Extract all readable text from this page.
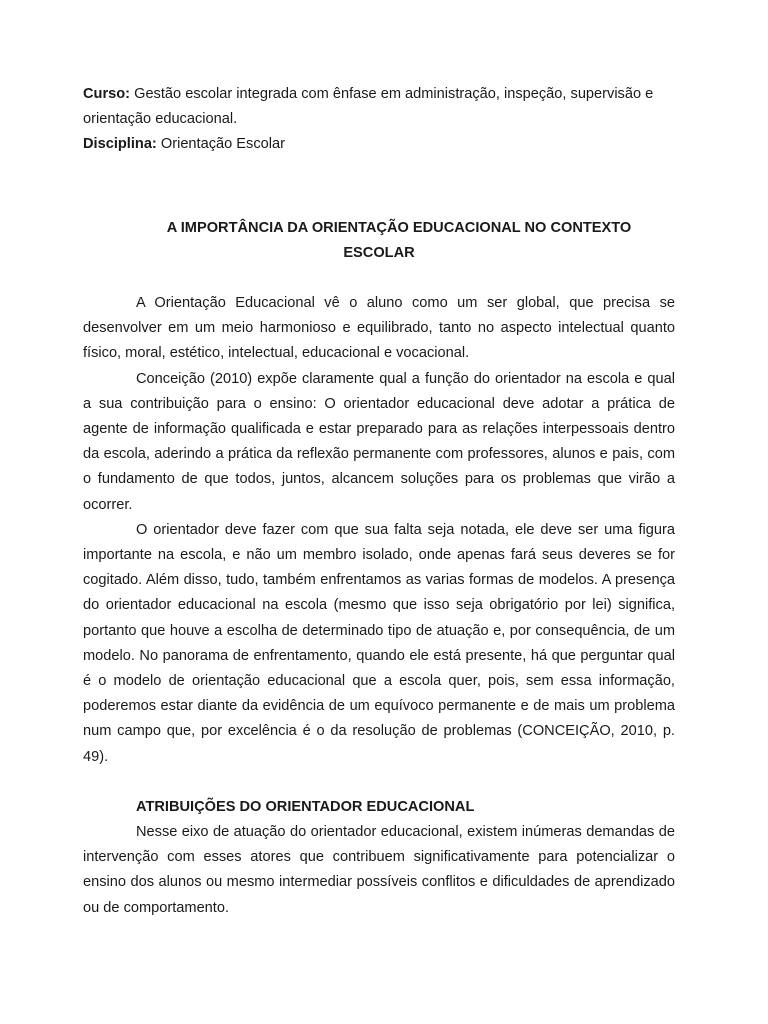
Curso: Gestão escolar integrada com ênfase em administração, inspeção, supervisão e orientação educacional.

Disciplina: Orientação Escolar

A IMPORTÂNCIA DA ORIENTAÇÃO EDUCACIONAL NO CONTEXTO
ESCOLAR

A Orientação Educacional vê o aluno como um ser global, que precisa se desenvolver em um meio harmonioso e equilibrado, tanto no aspecto intelectual quanto físico, moral, estético, intelectual, educacional e vocacional.

Conceição (2010) expõe claramente qual a função do orientador na escola e qual a sua contribuição para o ensino: O orientador educacional deve adotar a prática de agente de informação qualificada e estar preparado para as relações interpessoais dentro da escola, aderindo a prática da reflexão permanente com professores, alunos e pais, com o fundamento de que todos, juntos, alcancem soluções para os problemas que virão a ocorrer.

O orientador deve fazer com que sua falta seja notada, ele deve ser uma figura importante na escola, e não um membro isolado, onde apenas fará seus deveres se for cogitado. Além disso, tudo, também enfrentamos as varias formas de modelos. A presença do orientador educacional na escola (mesmo que isso seja obrigatório por lei) significa, portanto que houve a escolha de determinado tipo de atuação e, por consequência, de um modelo. No panorama de enfrentamento, quando ele está presente, há que perguntar qual é o modelo de orientação educacional que a escola quer, pois, sem essa informação, poderemos estar diante da evidência de um equívoco permanente e de mais um problema num campo que, por excelência é o da resolução de problemas (CONCEIÇÃO, 2010, p. 49).

ATRIBUIÇÕES DO ORIENTADOR EDUCACIONAL

Nesse eixo de atuação do orientador educacional, existem inúmeras demandas de intervenção com esses atores que contribuem significativamente para potencializar o ensino dos alunos ou mesmo intermediar possíveis conflitos e dificuldades de aprendizado ou de comportamento.
